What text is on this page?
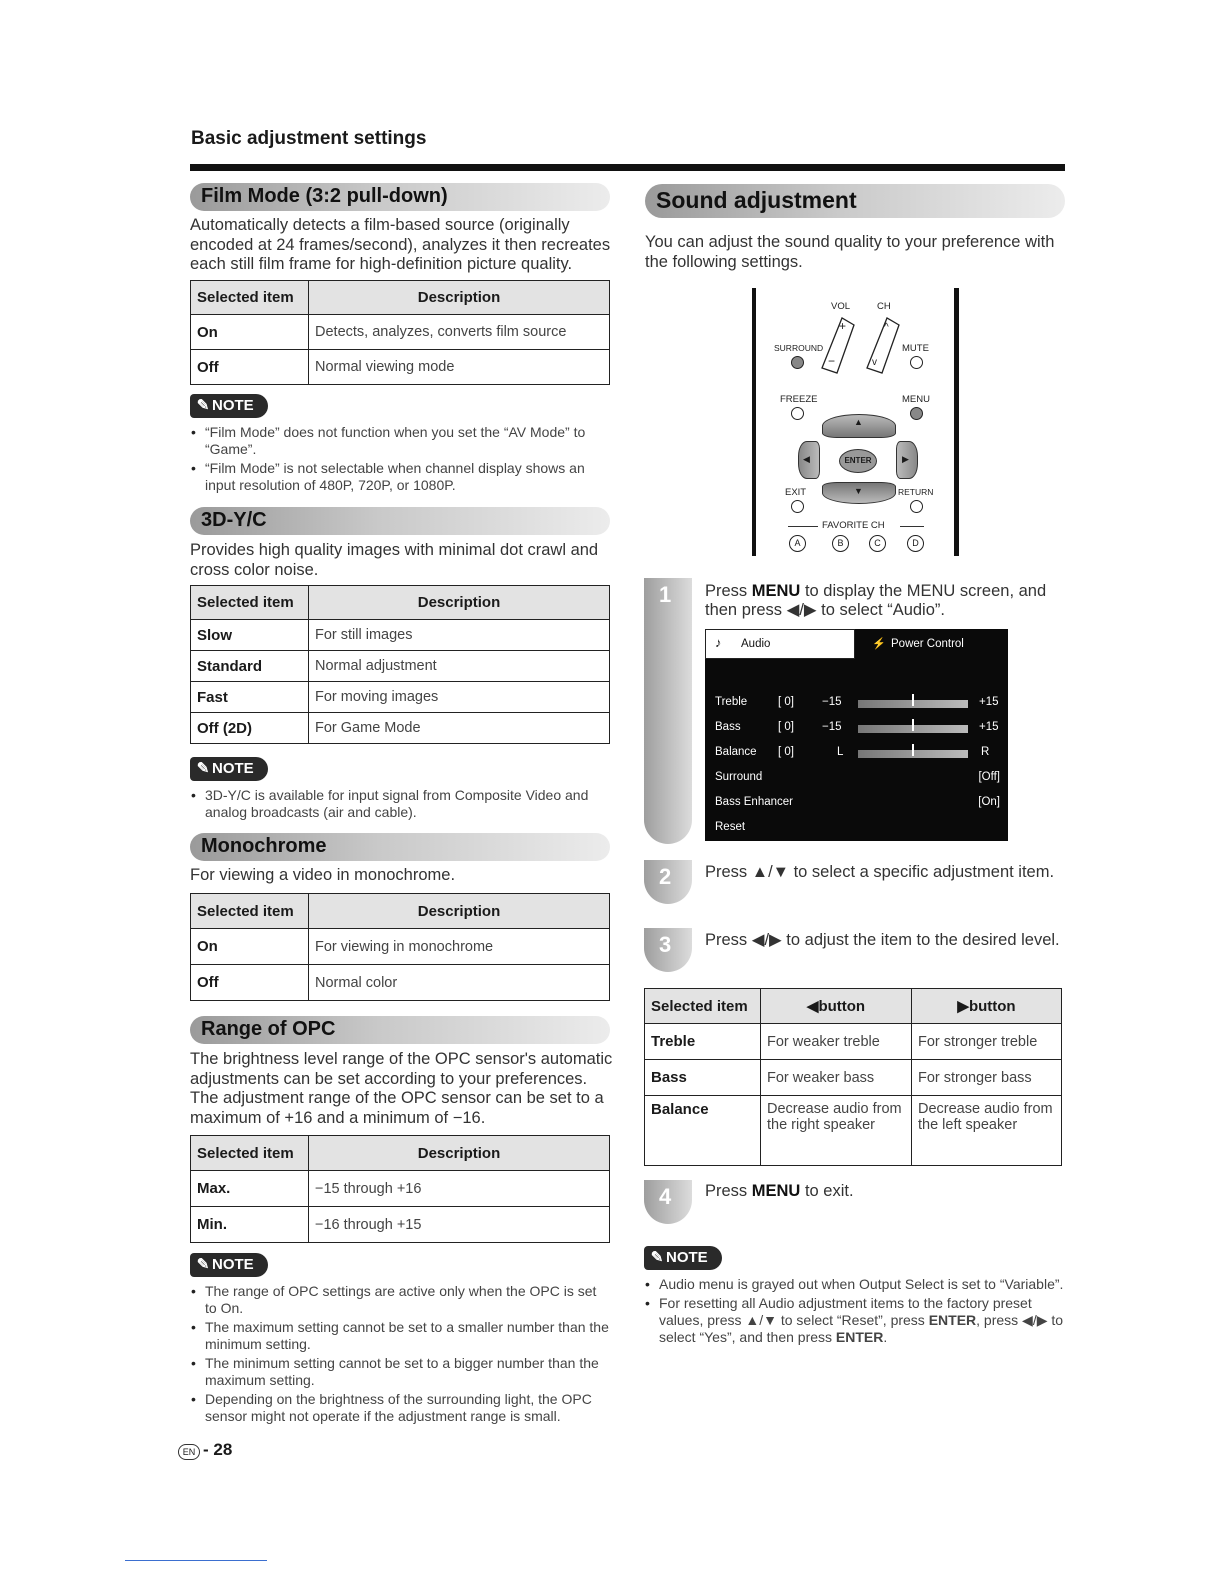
Basic adjustment settings
Film Mode (3:2 pull-down)
Automatically detects a film-based source (originally encoded at 24 frames/second), analyzes it then recreates each still film frame for high-definition picture quality.
Selected item	Description
On	Detects, analyzes, converts film source
Off	Normal viewing mode
✎ NOTE
• “Film Mode” does not function when you set the “AV Mode” to “Game”.
• “Film Mode” is not selectable when channel display shows an input resolution of 480P, 720P, or 1080P.
3D-Y/C
Provides high quality images with minimal dot crawl and cross color noise.
Selected item	Description
Slow	For still images
Standard	Normal adjustment
Fast	For moving images
Off (2D)	For Game Mode
✎ NOTE
• 3D-Y/C is available for input signal from Composite Video and analog broadcasts (air and cable).
Monochrome
For viewing a video in monochrome.
Selected item	Description
On	For viewing in monochrome
Off	Normal color
Range of OPC
The brightness level range of the OPC sensor's automatic adjustments can be set according to your preferences. The adjustment range of the OPC sensor can be set to a maximum of +16 and a minimum of −16.
Selected item	Description
Max.	−15 through +16
Min.	−16 through +15
✎ NOTE
• The range of OPC settings are active only when the OPC is set to On.
• The maximum setting cannot be set to a smaller number than the minimum setting.
• The minimum setting cannot be set to a bigger number than the maximum setting.
• Depending on the brightness of the surrounding light, the OPC sensor might not operate if the adjustment range is small.
EN - 28
Sound adjustment
You can adjust the sound quality to your preference with the following settings.
VOL	CH
+
−
^
v
SURROUND	MUTE
FREEZE	MENU
▲
◀	▶
ENTER
▼
EXIT	RETURN
FAVORITE CH
A	B	C	D
1 Press MENU to display the MENU screen, and then press ◀/▶ to select “Audio”.
♪ Audio	⚡ Power Control
Treble	[ 0] −15	+15
Bass	[ 0] −15	+15
Balance [ 0]	L	R
Surround	[Off]
Bass Enhancer	[On]
Reset
2 Press ▲/▼ to select a specific adjustment item.
3 Press ◀/▶ to adjust the item to the desired level.
Selected item	◀button	▶button
Treble	For weaker treble	For stronger treble
Bass	For weaker bass	For stronger bass
Balance	Decrease audio from the right speaker	Decrease audio from the left speaker
4 Press MENU to exit.
✎ NOTE
• Audio menu is grayed out when Output Select is set to “Variable”.
• For resetting all Audio adjustment items to the factory preset values, press ▲/▼ to select “Reset”, press ENTER, press ◀/▶ to select “Yes”, and then press ENTER.
